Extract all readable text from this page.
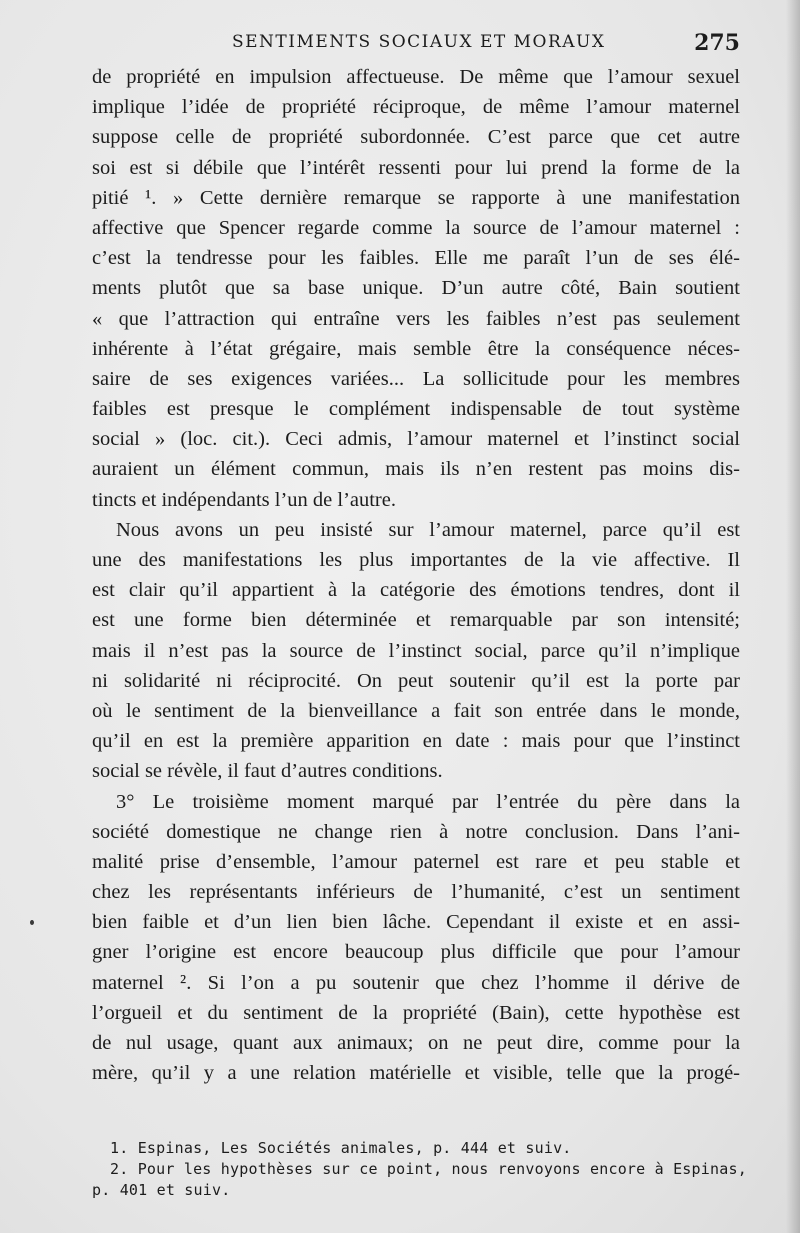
SENTIMENTS SOCIAUX ET MORAUX	275
de propriété en impulsion affectueuse. De même que l’amour sexuel
implique l’idée de propriété réciproque, de même l’amour maternel
suppose celle de propriété subordonnée. C’est parce que cet autre
soi est si débile que l’intérêt ressenti pour lui prend la forme de la
pitié ¹. » Cette dernière remarque se rapporte à une manifestation
affective que Spencer regarde comme la source de l’amour maternel :
c’est la tendresse pour les faibles. Elle me paraît l’un de ses élé-
ments plutôt que sa base unique. D’un autre côté, Bain soutient
« que l’attraction qui entraîne vers les faibles n’est pas seulement
inhérente à l’état grégaire, mais semble être la conséquence néces-
saire de ses exigences variées... La sollicitude pour les membres
faibles est presque le complément indispensable de tout système
social » (loc. cit.). Ceci admis, l’amour maternel et l’instinct social
auraient un élément commun, mais ils n’en restent pas moins dis-
tincts et indépendants l’un de l’autre.
Nous avons un peu insisté sur l’amour maternel, parce qu’il est
une des manifestations les plus importantes de la vie affective. Il
est clair qu’il appartient à la catégorie des émotions tendres, dont il
est une forme bien déterminée et remarquable par son intensité;
mais il n’est pas la source de l’instinct social, parce qu’il n’implique
ni solidarité ni réciprocité. On peut soutenir qu’il est la porte par
où le sentiment de la bienveillance a fait son entrée dans le monde,
qu’il en est la première apparition en date : mais pour que l’instinct
social se révèle, il faut d’autres conditions.
3° Le troisième moment marqué par l’entrée du père dans la
société domestique ne change rien à notre conclusion. Dans l’ani-
malité prise d’ensemble, l’amour paternel est rare et peu stable et
chez les représentants inférieurs de l’humanité, c’est un sentiment
bien faible et d’un lien bien lâche. Cependant il existe et en assi-
gner l’origine est encore beaucoup plus difficile que pour l’amour
maternel ². Si l’on a pu soutenir que chez l’homme il dérive de
l’orgueil et du sentiment de la propriété (Bain), cette hypothèse est
de nul usage, quant aux animaux; on ne peut dire, comme pour la
mère, qu’il y a une relation matérielle et visible, telle que la progé-
1. Espinas, Les Sociétés animales, p. 444 et suiv.
2. Pour les hypothèses sur ce point, nous renvoyons encore à Espinas,
p. 401 et suiv.
